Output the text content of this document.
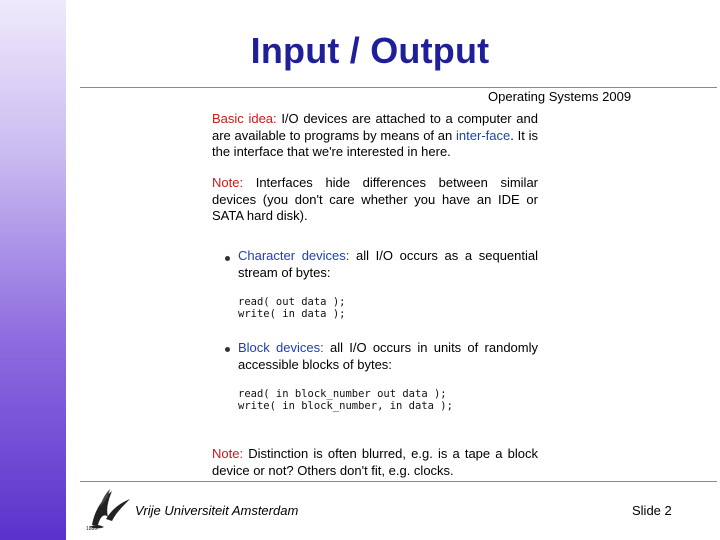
Input / Output
Operating Systems 2009

Basic idea: I/O devices are attached to a computer and are available to programs by means of an inter-face. It is the interface that we're interested in here.

Note: Interfaces hide differences between similar devices (you don't care whether you have an IDE or SATA hard disk).

Character devices: all I/O occurs as a sequential stream of bytes:

read( out data );
write( in data );

Block devices: all I/O occurs in units of randomly accessible blocks of bytes:

read( in block_number out data );
write( in block_number, in data );

Note: Distinction is often blurred, e.g. is a tape a block device or not? Others don't fit, e.g. clocks.

1880
Vrije Universiteit Amsterdam	Slide 2
